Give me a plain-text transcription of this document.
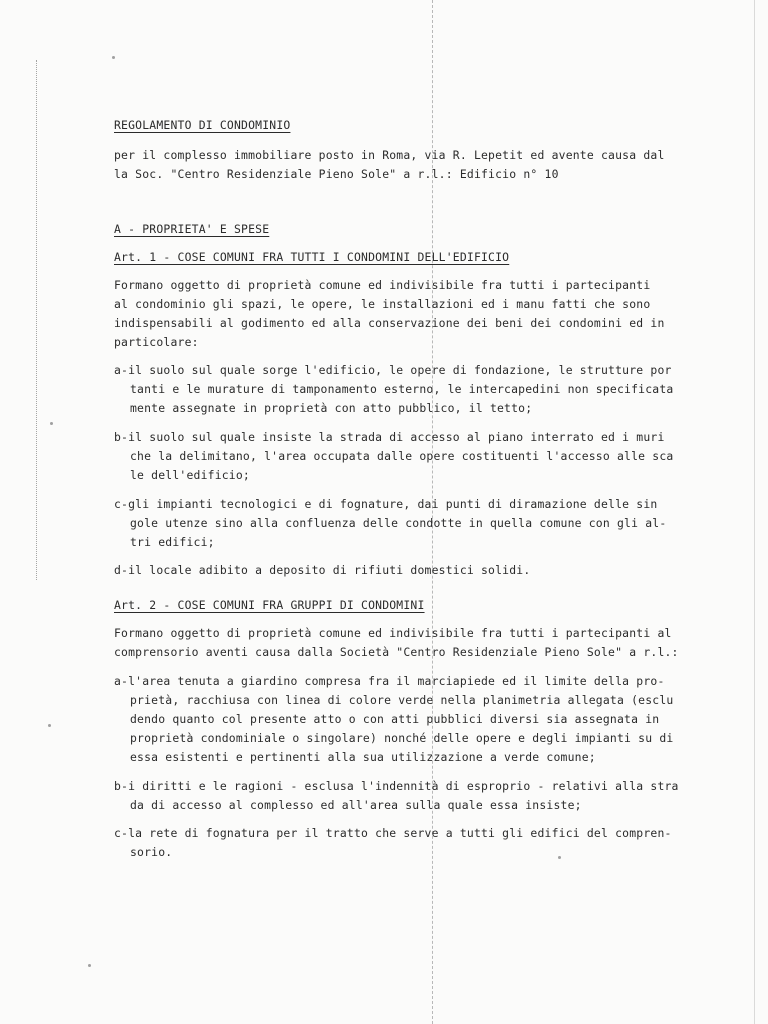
REGOLAMENTO DI CONDOMINIO
per il complesso immobiliare posto in Roma, via R. Lepetit ed avente causa dal
la Soc. "Centro Residenziale Pieno Sole" a r.l.: Edificio n° 10
A - PROPRIETA' E SPESE
Art. 1 - COSE COMUNI FRA TUTTI I CONDOMINI DELL'EDIFICIO
Formano oggetto di proprietà comune ed indivisibile fra tutti i partecipanti
al condominio gli spazi, le opere, le installazioni ed i manu fatti che sono
indispensabili al godimento ed alla conservazione dei beni dei condomini ed in
particolare:
a-il suolo sul quale sorge l'edificio, le opere di fondazione, le strutture por
tanti e le murature di tamponamento esterno, le intercapedini non specificata
mente assegnate in proprietà con atto pubblico, il tetto;
b-il suolo sul quale insiste la strada di accesso al piano interrato ed i muri
che la delimitano, l'area occupata dalle opere costituenti l'accesso alle sca
le dell'edificio;
c-gli impianti tecnologici e di fognature, dai punti di diramazione delle sin
gole utenze sino alla confluenza delle condotte in quella comune con gli al-
tri edifici;
d-il locale adibito a deposito di rifiuti domestici solidi.
Art. 2 - COSE COMUNI FRA GRUPPI DI CONDOMINI
Formano oggetto di proprietà comune ed indivisibile fra tutti i partecipanti al
comprensorio aventi causa dalla Società "Centro Residenziale Pieno Sole" a r.l.:
a-l'area tenuta a giardino compresa fra il marciapiede ed il limite della pro-
prietà, racchiusa con linea di colore verde nella planimetria allegata (esclu
dendo quanto col presente atto o con atti pubblici diversi sia assegnata in
proprietà condominiale o singolare) nonché delle opere e degli impianti su di
essa esistenti e pertinenti alla sua utilizzazione a verde comune;
b-i diritti e le ragioni - esclusa l'indennità di esproprio - relativi alla stra
da di accesso al complesso ed all'area sulla quale essa insiste;
c-la rete di fognatura per il tratto che serve a tutti gli edifici del compren-
sorio.
